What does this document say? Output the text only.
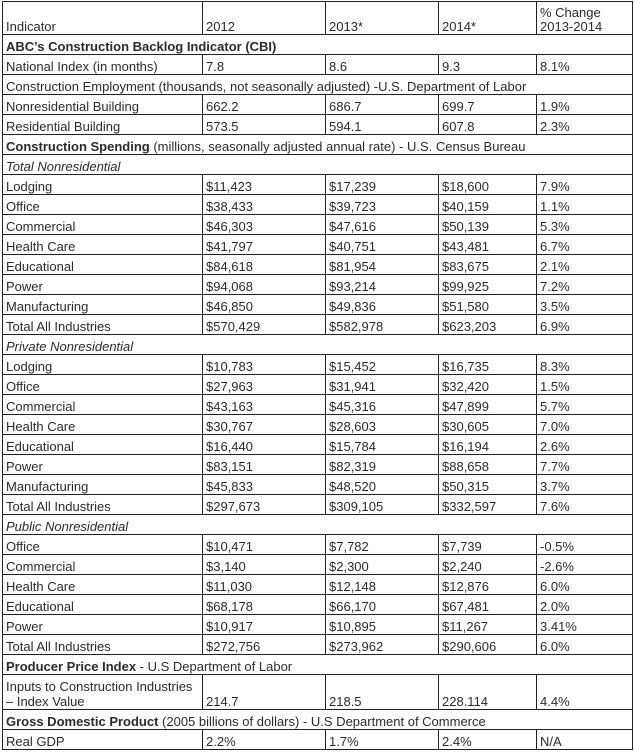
Indicator	2012	2013*	2014*	% Change
2013-2014
ABC’s Construction Backlog Indicator (CBI)				
National Index (in months)	7.8	8.6	9.3	8.1%
Construction Employment (thousands, not seasonally adjusted) -U.S. Department of Labor				
Nonresidential Building	662.2	686.7	699.7	1.9%
Residential Building	573.5	594.1	607.8	2.3%
Construction Spending (millions, seasonally adjusted annual rate) - U.S. Census Bureau				
Total Nonresidential				
Lodging	$11,423	$17,239	$18,600	7.9%
Office	$38,433	$39,723	$40,159	1.1%
Commercial	$46,303	$47,616	$50,139	5.3%
Health Care	$41,797	$40,751	$43,481	6.7%
Educational	$84,618	$81,954	$83,675	2.1%
Power	$94,068	$93,214	$99,925	7.2%
Manufacturing	$46,850	$49,836	$51,580	3.5%
Total All Industries	$570,429	$582,978	$623,203	6.9%
Private Nonresidential				
Lodging	$10,783	$15,452	$16,735	8.3%
Office	$27,963	$31,941	$32,420	1.5%
Commercial	$43,163	$45,316	$47,899	5.7%
Health Care	$30,767	$28,603	$30,605	7.0%
Educational	$16,440	$15,784	$16,194	2.6%
Power	$83,151	$82,319	$88,658	7.7%
Manufacturing	$45,833	$48,520	$50,315	3.7%
Total All Industries	$297,673	$309,105	$332,597	7.6%
Public Nonresidential				
Office	$10,471	$7,782	$7,739	-0.5%
Commercial	$3,140	$2,300	$2,240	-2.6%
Health Care	$11,030	$12,148	$12,876	6.0%
Educational	$68,178	$66,170	$67,481	2.0%
Power	$10,917	$10,895	$11,267	3.41%
Total All Industries	$272,756	$273,962	$290,606	6.0%
Producer Price Index - U.S Department of Labor				
Inputs to Construction Industries – Index Value	214.7	218.5	228.114	4.4%
Gross Domestic Product (2005 billions of dollars) - U.S Department of Commerce				
Real GDP	2.2%	1.7%	2.4%	N/A
